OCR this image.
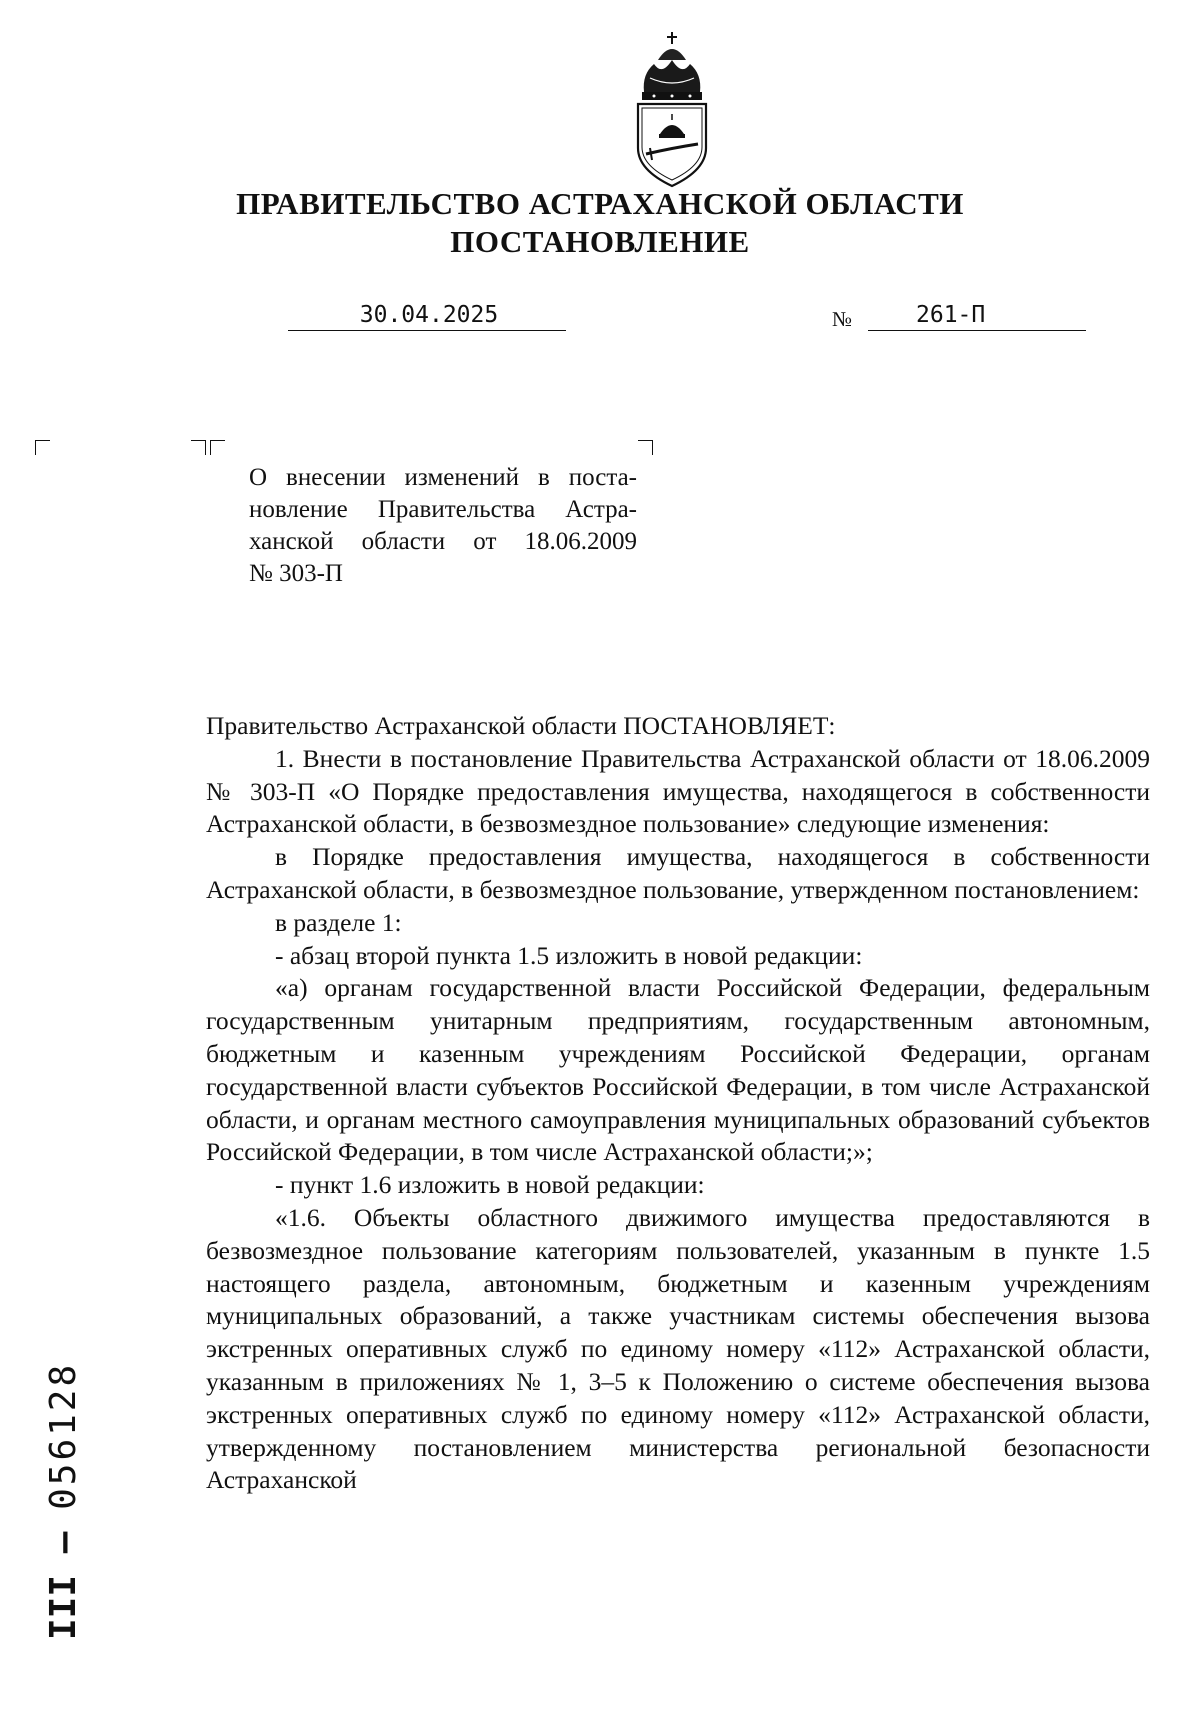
ПРАВИТЕЛЬСТВО АСТРАХАНСКОЙ ОБЛАСТИ
ПОСТАНОВЛЕНИЕ
30.04.2025	№	261-П
О внесении изменений в поста-
новление Правительства Астра-
ханской области от 18.06.2009
№ 303-П

Правительство Астраханской области ПОСТАНОВЛЯЕТ:

1. Внести в постановление Правительства Астраханской области от 18.06.2009 № 303-П «О Порядке предоставления имущества, находящегося в собственности Астраханской области, в безвозмездное пользование» следующие изменения:

в Порядке предоставления имущества, находящегося в собственности Астраханской области, в безвозмездное пользование, утвержденном постановлением:

в разделе 1:

- абзац второй пункта 1.5 изложить в новой редакции:

«а) органам государственной власти Российской Федерации, федеральным государственным унитарным предприятиям, государственным автономным, бюджетным и казенным учреждениям Российской Федерации, органам государственной власти субъектов Российской Федерации, в том числе Астраханской области, и органам местного самоуправления муниципальных образований субъектов Российской Федерации, в том числе Астраханской области;»;

- пункт 1.6 изложить в новой редакции:

«1.6. Объекты областного движимого имущества предоставляются в безвозмездное пользование категориям пользователей, указанным в пункте 1.5 настоящего раздела, автономным, бюджетным и казенным учреждениям муниципальных образований, а также участникам системы обеспечения вызова экстренных оперативных служб по единому номеру «112» Астраханской области, указанным в приложениях № 1, 3–5 к Положению о системе обеспечения вызова экстренных оперативных служб по единому номеру «112» Астраханской области, утвержденному постановлением министерства региональной безопасности Астраханской

III – 056128
